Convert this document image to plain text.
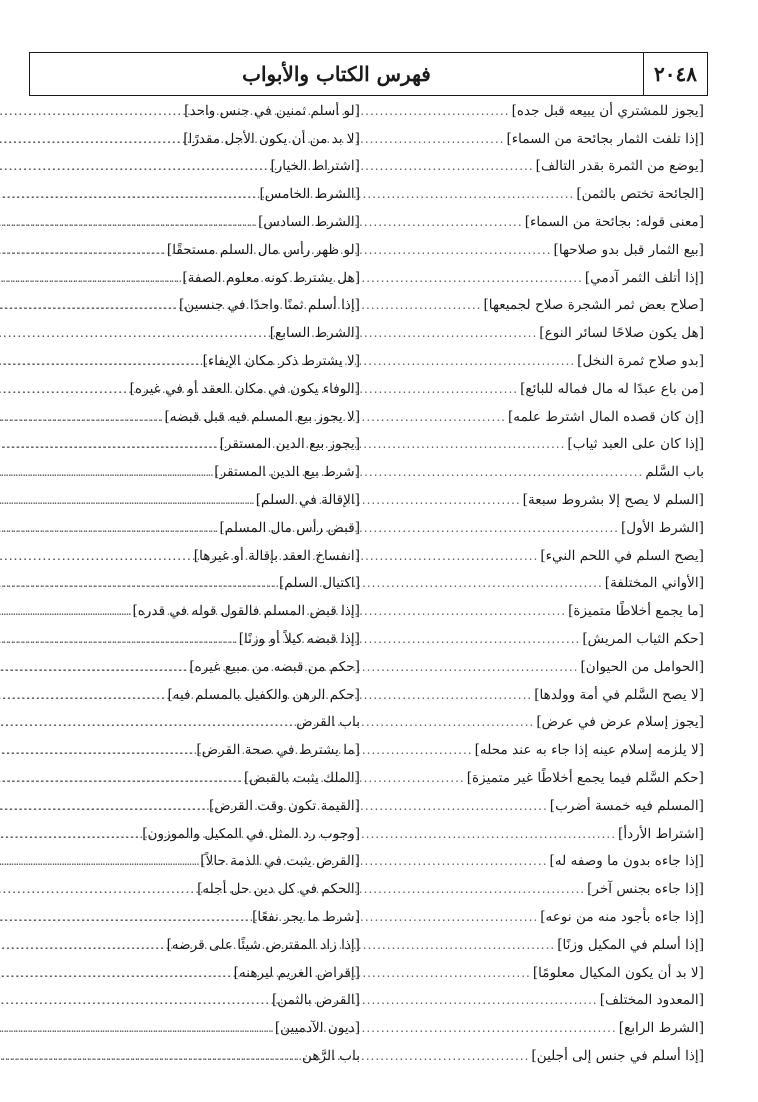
٢٠٤٨
فهرس الكتاب والأبواب
[يجوز للمشتري أن يبيعه قبل جده]
.....
[إذا تلفت الثمار بجائحة من السماء]
.....
[يوضع من الثمرة بقدر التالف]
.....
[الجائحة تختص بالثمن]
.....
[معنى قوله: بجائحة من السماء]
.....
[بيع الثمار قبل بدو صلاحها]
.....
[إذا أتلف الثمر آدمي]
.....
[صلاح بعض ثمر الشجرة صلاح لجميعها]
.....
[هل يكون صلاحًا لسائر النوع]
.....
[بدو صلاح ثمرة النخل]
.....
[من باع عبدًا له مال فماله للبائع]
.....
[إن كان قصده المال اشترط علمه]
.....
[إذا كان على العبد ثياب]
.....
باب السَّلم
.....
[السلم لا يصح إلا بشروط سبعة]
.....
[الشرط الأول]
.....
[يصح السلم في اللحم النيء]
.....
[الأواني المختلفة]
.....
[ما يجمع أخلاطًا متميزة]
.....
[حكم الثياب المريش]
.....
[الحوامل من الحيوان]
.....
[لا يصح السَّلم في أمة وولدها]
.....
[يجوز إسلام عرض في عرض]
.....
[لا يلزمه إسلام عينه إذا جاء به عند محله]
.....
[حكم السَّلم فيما يجمع أخلاطًا غير متميزة]
.....
[المسلم فيه خمسة أضرب]
.....
[اشتراط الأردأ]
.....
[إذا جاءه بدون ما وصفه له]
.....
[إذا جاءه بجنس آخر]
.....
[إذا جاءه بأجود منه من نوعه]
.....
[إذا أسلم في المكيل وزنًا]
.....
[لا بد أن يكون المكيال معلومًا]
.....
[المعدود المختلف]
.....
[الشرط الرابع]
.....
[إذا أسلم في جنس إلى أجلين]
.....
[لو أسلم ثمنين في جنس واحد]
.....
[لا بد من أن يكون الأجل مقدرًا]
.....
[اشتراط الخيار]
.....
[الشرط الخامس]
.....
[الشرط السادس]
.....
[لو ظهر رأس مال السلم مستحقًا]
.....
[هل يشترط كونه معلوم الصفة]
.....
[إذا أسلم ثمنًا واحدًا في جنسين]
.....
[الشرط السابع]
.....
[لا يشترط ذكر مكان الإيفاء]
.....
[الوفاء يكون في مكان العقد أو في غيره]
.....
[لا يجوز بيع المسلم فيه قبل قبضه]
.....
[يجوز بيع الدين المستقر]
.....
[شرط بيع الدين المستقر]
.....
[الإقالة في السلم]
.....
[قبض رأس مال المسلم]
.....
[انفساخ العقد بإقالة أو غيرها]
.....
[اكتيال السلم]
.....
[إذا قبض المسلم فالقول قوله في قدره]
.....
[إذا قبضه كيلاً أو وزنًا]
.....
[حكم من قبضه من مبيع غيره]
.....
[حكم الرهن والكفيل بالمسلم فيه]
.....
باب القرض
.....
[ما يشترط في صحة القرض]
.....
[الملك يثبت بالقبض]
.....
[القيمة تكون وقت القرض]
.....
[وجوب رد المثل في المكيل والموزون]
.....
[القرض يثبت في الذمة حالاً]
.....
[الحكم في كل دين حل أجله]
.....
[شرط ما يجر نفعًا]
.....
[إذا زاد المقترض شيئًا على قرضه]
.....
[إقراض الغريم ليرهنه]
.....
[القرض بالثمن]
.....
[ديون الآدميين]
.....
باب الرَّهن
.....
